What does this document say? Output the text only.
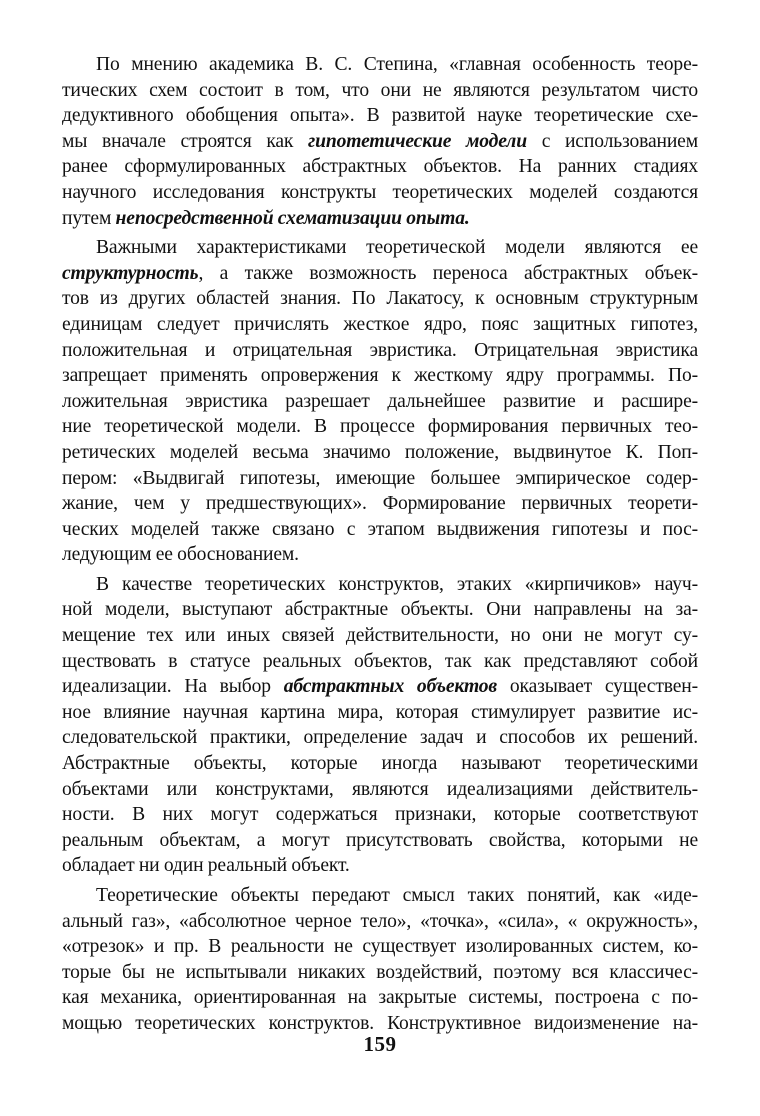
По мнению академика В. С. Степина, «главная особенность теоре-
тических схем состоит в том, что они не являются результатом чисто
дедуктивного обобщения опыта». В развитой науке теоретические схе-
мы вначале строятся как гипотетические модели с использованием
ранее сформулированных абстрактных объектов. На ранних стадиях
научного исследования конструкты теоретических моделей создаются
путем непосредственной схематизации опыта.

Важными характеристиками теоретической модели являются ее
структурность, а также возможность переноса абстрактных объек-
тов из других областей знания. По Лакатосу, к основным структурным
единицам следует причислять жесткое ядро, пояс защитных гипотез,
положительная и отрицательная эвристика. Отрицательная эвристика
запрещает применять опровержения к жесткому ядру программы. По-
ложительная эвристика разрешает дальнейшее развитие и расшире-
ние теоретической модели. В процессе формирования первичных тео-
ретических моделей весьма значимо положение, выдвинутое К. Поп-
пером: «Выдвигай гипотезы, имеющие большее эмпирическое содер-
жание, чем у предшествующих». Формирование первичных теорети-
ческих моделей также связано с этапом выдвижения гипотезы и пос-
ледующим ее обоснованием.

В качестве теоретических конструктов, этаких «кирпичиков» науч-
ной модели, выступают абстрактные объекты. Они направлены на за-
мещение тех или иных связей действительности, но они не могут су-
ществовать в статусе реальных объектов, так как представляют собой
идеализации. На выбор абстрактных объектов оказывает существен-
ное влияние научная картина мира, которая стимулирует развитие ис-
следовательской практики, определение задач и способов их решений.
Абстрактные объекты, которые иногда называют теоретическими
объектами или конструктами, являются идеализациями действитель-
ности. В них могут содержаться признаки, которые соответствуют
реальным объектам, а могут присутствовать свойства, которыми не
обладает ни один реальный объект.

Теоретические объекты передают смысл таких понятий, как «иде-
альный газ», «абсолютное черное тело», «точка», «сила», « окружность»,
«отрезок» и пр. В реальности не существует изолированных систем, ко-
торые бы не испытывали никаких воздействий, поэтому вся классичес-
кая механика, ориентированная на закрытые системы, построена с по-
мощью теоретических конструктов. Конструктивное видоизменение на-

159
